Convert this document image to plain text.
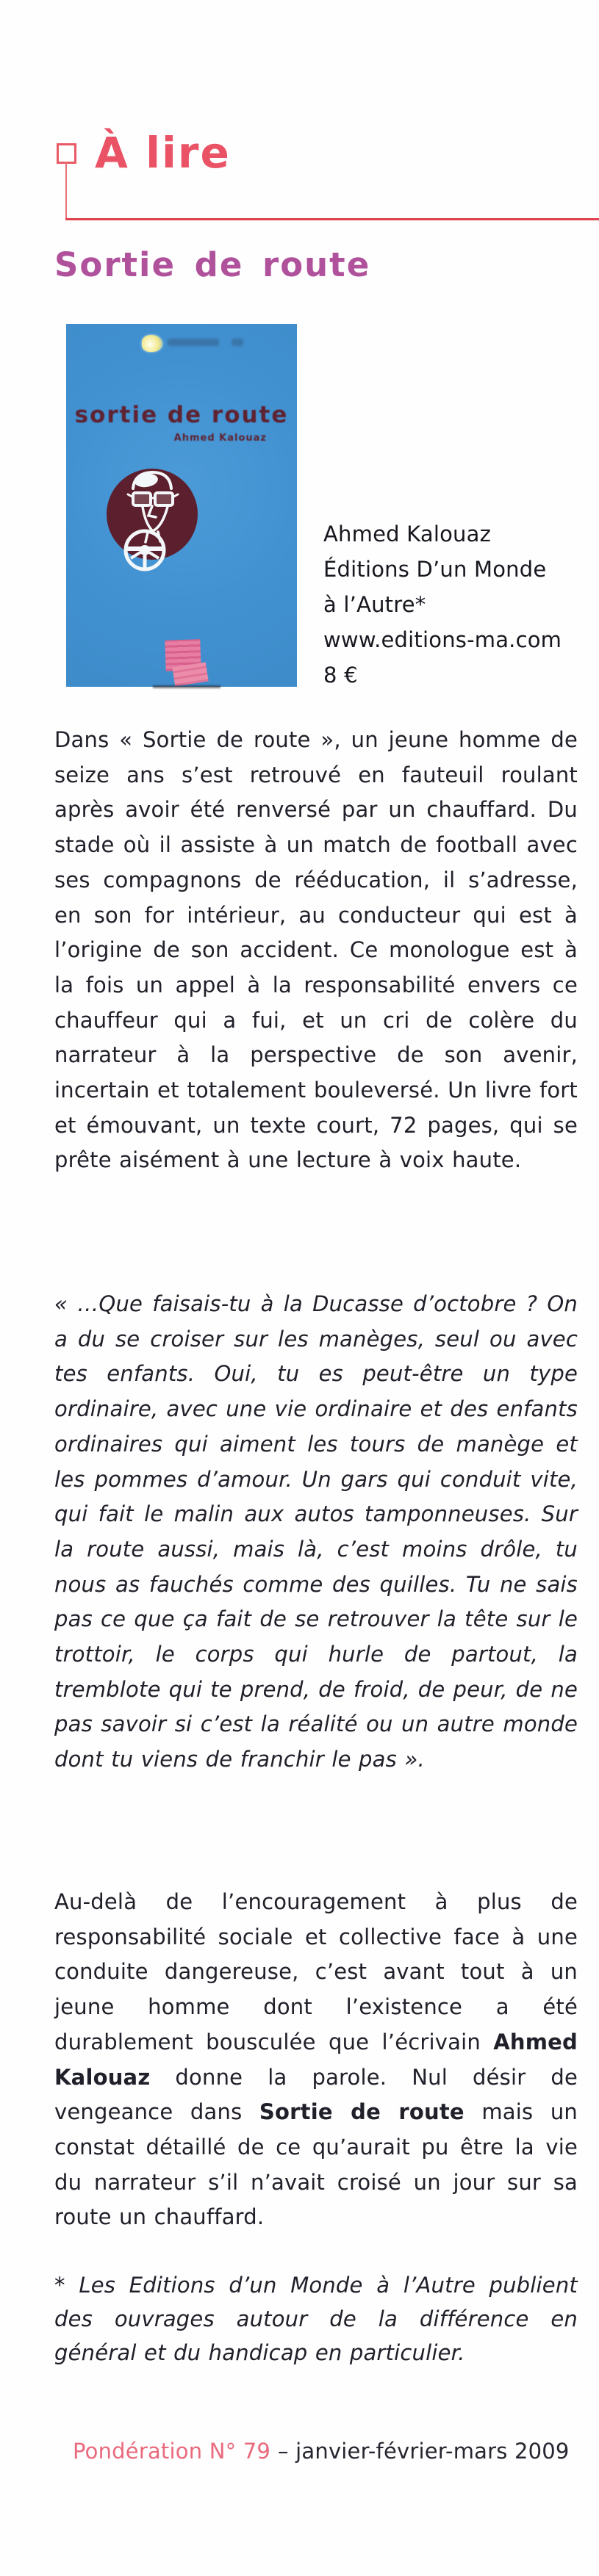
À lire
Sortie de route
sortie de route
Ahmed Kalouaz
Ahmed Kalouaz
Éditions D’un Monde
à l’Autre*
www.editions-ma.com
8 €

Dans « Sortie de route », un jeune homme de seize ans s’est retrouvé en fauteuil roulant après avoir été renversé par un chauffard. Du stade où il assiste à un match de football avec ses compagnons de rééducation, il s’adresse, en son for intérieur, au conducteur qui est à l’origine de son accident. Ce monologue est à la fois un appel à la responsabilité envers ce chauffeur qui a fui, et un cri de colère du narrateur à la perspective de son avenir, incertain et totalement bouleversé. Un livre fort et émouvant, un texte court, 72 pages, qui se prête aisément à une lecture à voix haute.

« …Que faisais-tu à la Ducasse d’octobre ? On a du se croiser sur les manèges, seul ou avec tes enfants. Oui, tu es peut-être un type ordinaire, avec une vie ordinaire et des enfants ordinaires qui aiment les tours de manège et les pommes d’amour. Un gars qui conduit vite, qui fait le malin aux autos tamponneuses. Sur la route aussi, mais là, c’est moins drôle, tu nous as fauchés comme des quilles. Tu ne sais pas ce que ça fait de se retrouver la tête sur le trottoir, le corps qui hurle de partout, la tremblote qui te prend, de froid, de peur, de ne pas savoir si c’est la réalité ou un autre monde dont tu viens de franchir le pas ».

Au-delà de l’encouragement à plus de responsabilité sociale et collective face à une conduite dangereuse, c’est avant tout à un jeune homme dont l’existence a été durablement bousculée que l’écrivain Ahmed Kalouaz donne la parole. Nul désir de vengeance dans Sortie de route mais un constat détaillé de ce qu’aurait pu être la vie du narrateur s’il n’avait croisé un jour sur sa route un chauffard.

* Les Editions d’un Monde à l’Autre publient des ouvrages autour de la différence en général et du handicap en particulier.

Pondération N° 79 – janvier-février-mars 2009
